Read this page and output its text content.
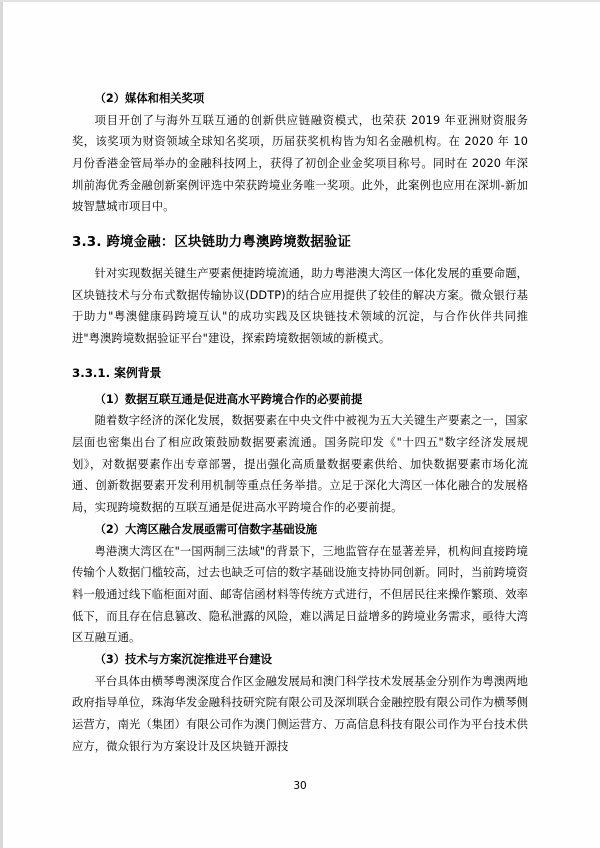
（2）媒体和相关奖项

项目开创了与海外互联互通的创新供应链融资模式，也荣获 2019 年亚洲财资服务奖，该奖项为财资领域全球知名奖项，历届获奖机构皆为知名金融机构。在 2020 年 10 月份香港金管局举办的金融科技网上，获得了初创企业金奖项目称号。同时在 2020 年深圳前海优秀金融创新案例评选中荣获跨境业务唯一奖项。此外，此案例也应用在深圳-新加坡智慧城市项目中。

3.3. 跨境金融：区块链助力粤澳跨境数据验证

针对实现数据关键生产要素便捷跨境流通，助力粤港澳大湾区一体化发展的重要命题，区块链技术与分布式数据传输协议(DDTP)的结合应用提供了较佳的解决方案。微众银行基于助力"粤澳健康码跨境互认"的成功实践及区块链技术领域的沉淀，与合作伙伴共同推进"粤澳跨境数据验证平台"建设，探索跨境数据领域的新模式。

3.3.1. 案例背景

（1）数据互联互通是促进高水平跨境合作的必要前提

随着数字经济的深化发展，数据要素在中央文件中被视为五大关键生产要素之一，国家层面也密集出台了相应政策鼓励数据要素流通。国务院印发《"十四五"数字经济发展规划》，对数据要素作出专章部署，提出强化高质量数据要素供给、加快数据要素市场化流通、创新数据要素开发利用机制等重点任务举措。立足于深化大湾区一体化融合的发展格局，实现跨境数据的互联互通是促进高水平跨境合作的必要前提。

（2）大湾区融合发展亟需可信数字基础设施

粤港澳大湾区在"一国两制三法域"的背景下，三地监管存在显著差异，机构间直接跨境传输个人数据门槛较高，过去也缺乏可信的数字基础设施支持协同创新。同时，当前跨境资料一般通过线下临柜面对面、邮寄信函材料等传统方式进行，不但居民往来操作繁琐、效率低下，而且存在信息篡改、隐私泄露的风险，难以满足日益增多的跨境业务需求，亟待大湾区互融互通。

（3）技术与方案沉淀推进平台建设

平台具体由横琴粤澳深度合作区金融发展局和澳门科学技术发展基金分别作为粤澳两地政府指导单位，珠海华发金融科技研究院有限公司及深圳联合金融控股有限公司作为横琴侧运营方，南光（集团）有限公司作为澳门侧运营方、万高信息科技有限公司作为平台技术供应方，微众银行为方案设计及区块链开源技

30
